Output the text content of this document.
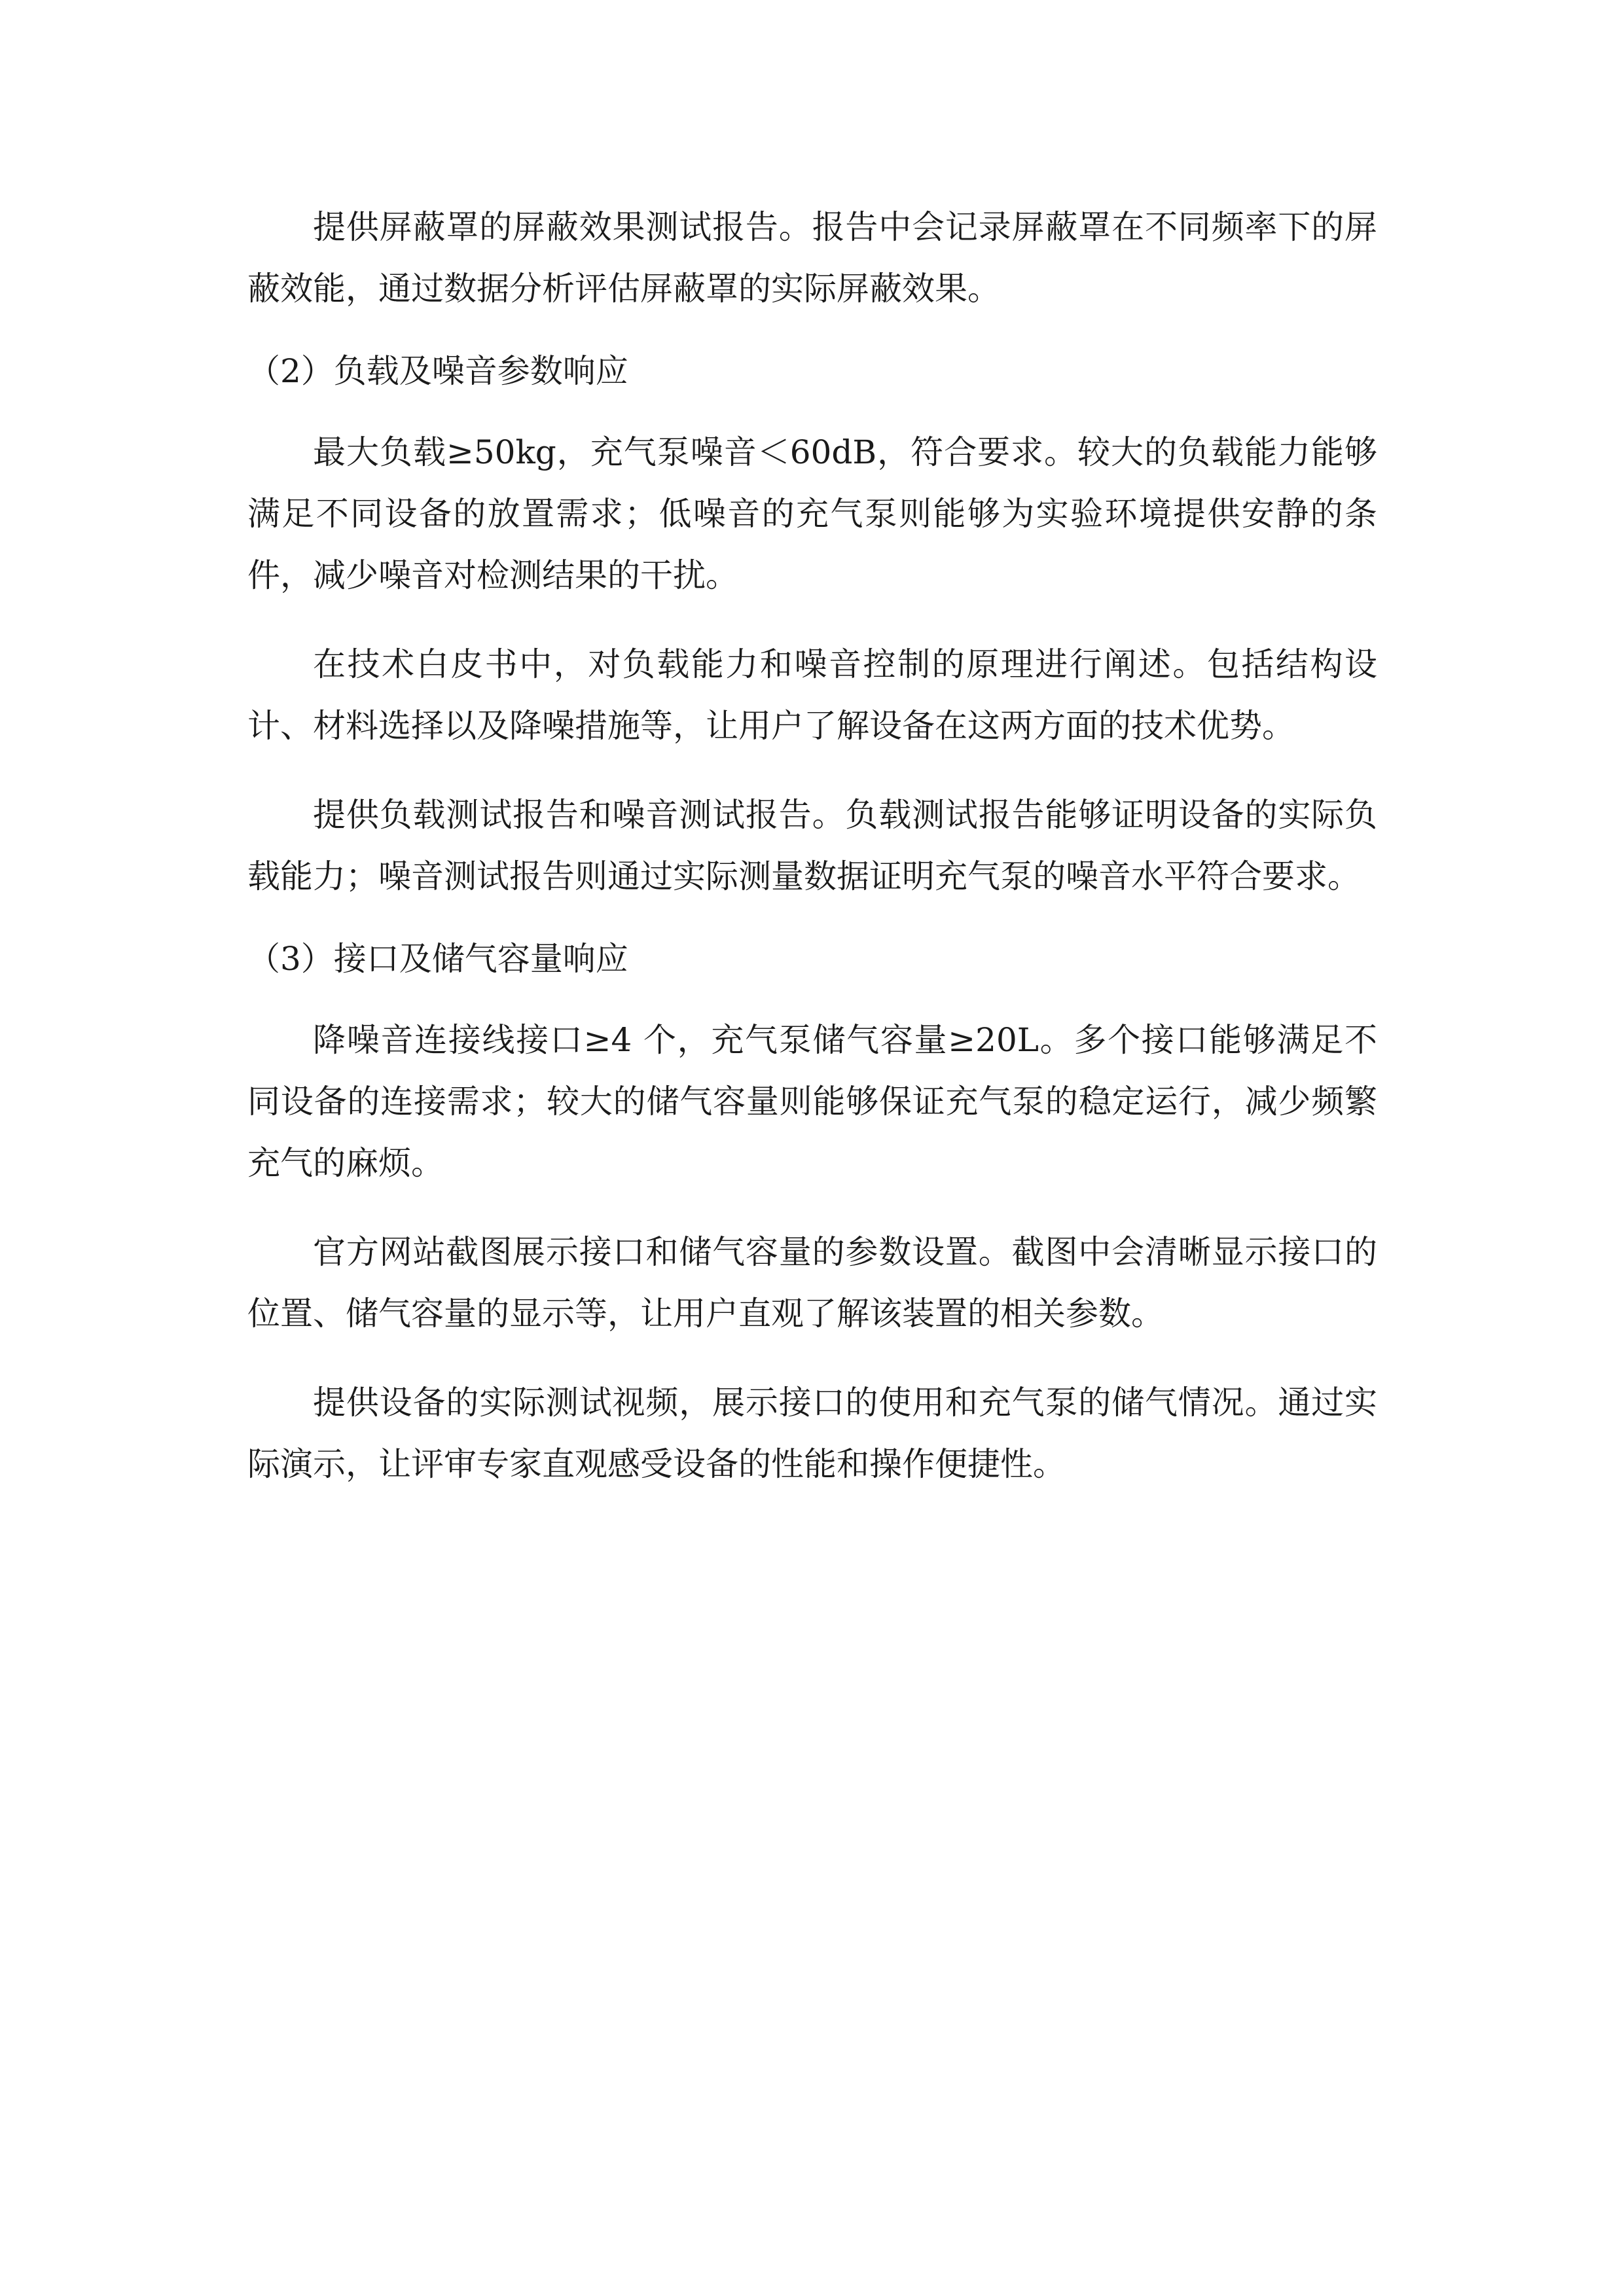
提供屏蔽罩的屏蔽效果测试报告。报告中会记录屏蔽罩在不同频率下的屏蔽效能，通过数据分析评估屏蔽罩的实际屏蔽效果。

（2）负载及噪音参数响应

最大负载≥50kg，充气泵噪音＜60dB，符合要求。较大的负载能力能够满足不同设备的放置需求；低噪音的充气泵则能够为实验环境提供安静的条件，减少噪音对检测结果的干扰。

在技术白皮书中，对负载能力和噪音控制的原理进行阐述。包括结构设计、材料选择以及降噪措施等，让用户了解设备在这两方面的技术优势。

提供负载测试报告和噪音测试报告。负载测试报告能够证明设备的实际负载能力；噪音测试报告则通过实际测量数据证明充气泵的噪音水平符合要求。

（3）接口及储气容量响应

降噪音连接线接口≥4 个，充气泵储气容量≥20L。多个接口能够满足不同设备的连接需求；较大的储气容量则能够保证充气泵的稳定运行，减少频繁充气的麻烦。

官方网站截图展示接口和储气容量的参数设置。截图中会清晰显示接口的位置、储气容量的显示等，让用户直观了解该装置的相关参数。

提供设备的实际测试视频，展示接口的使用和充气泵的储气情况。通过实际演示，让评审专家直观感受设备的性能和操作便捷性。
